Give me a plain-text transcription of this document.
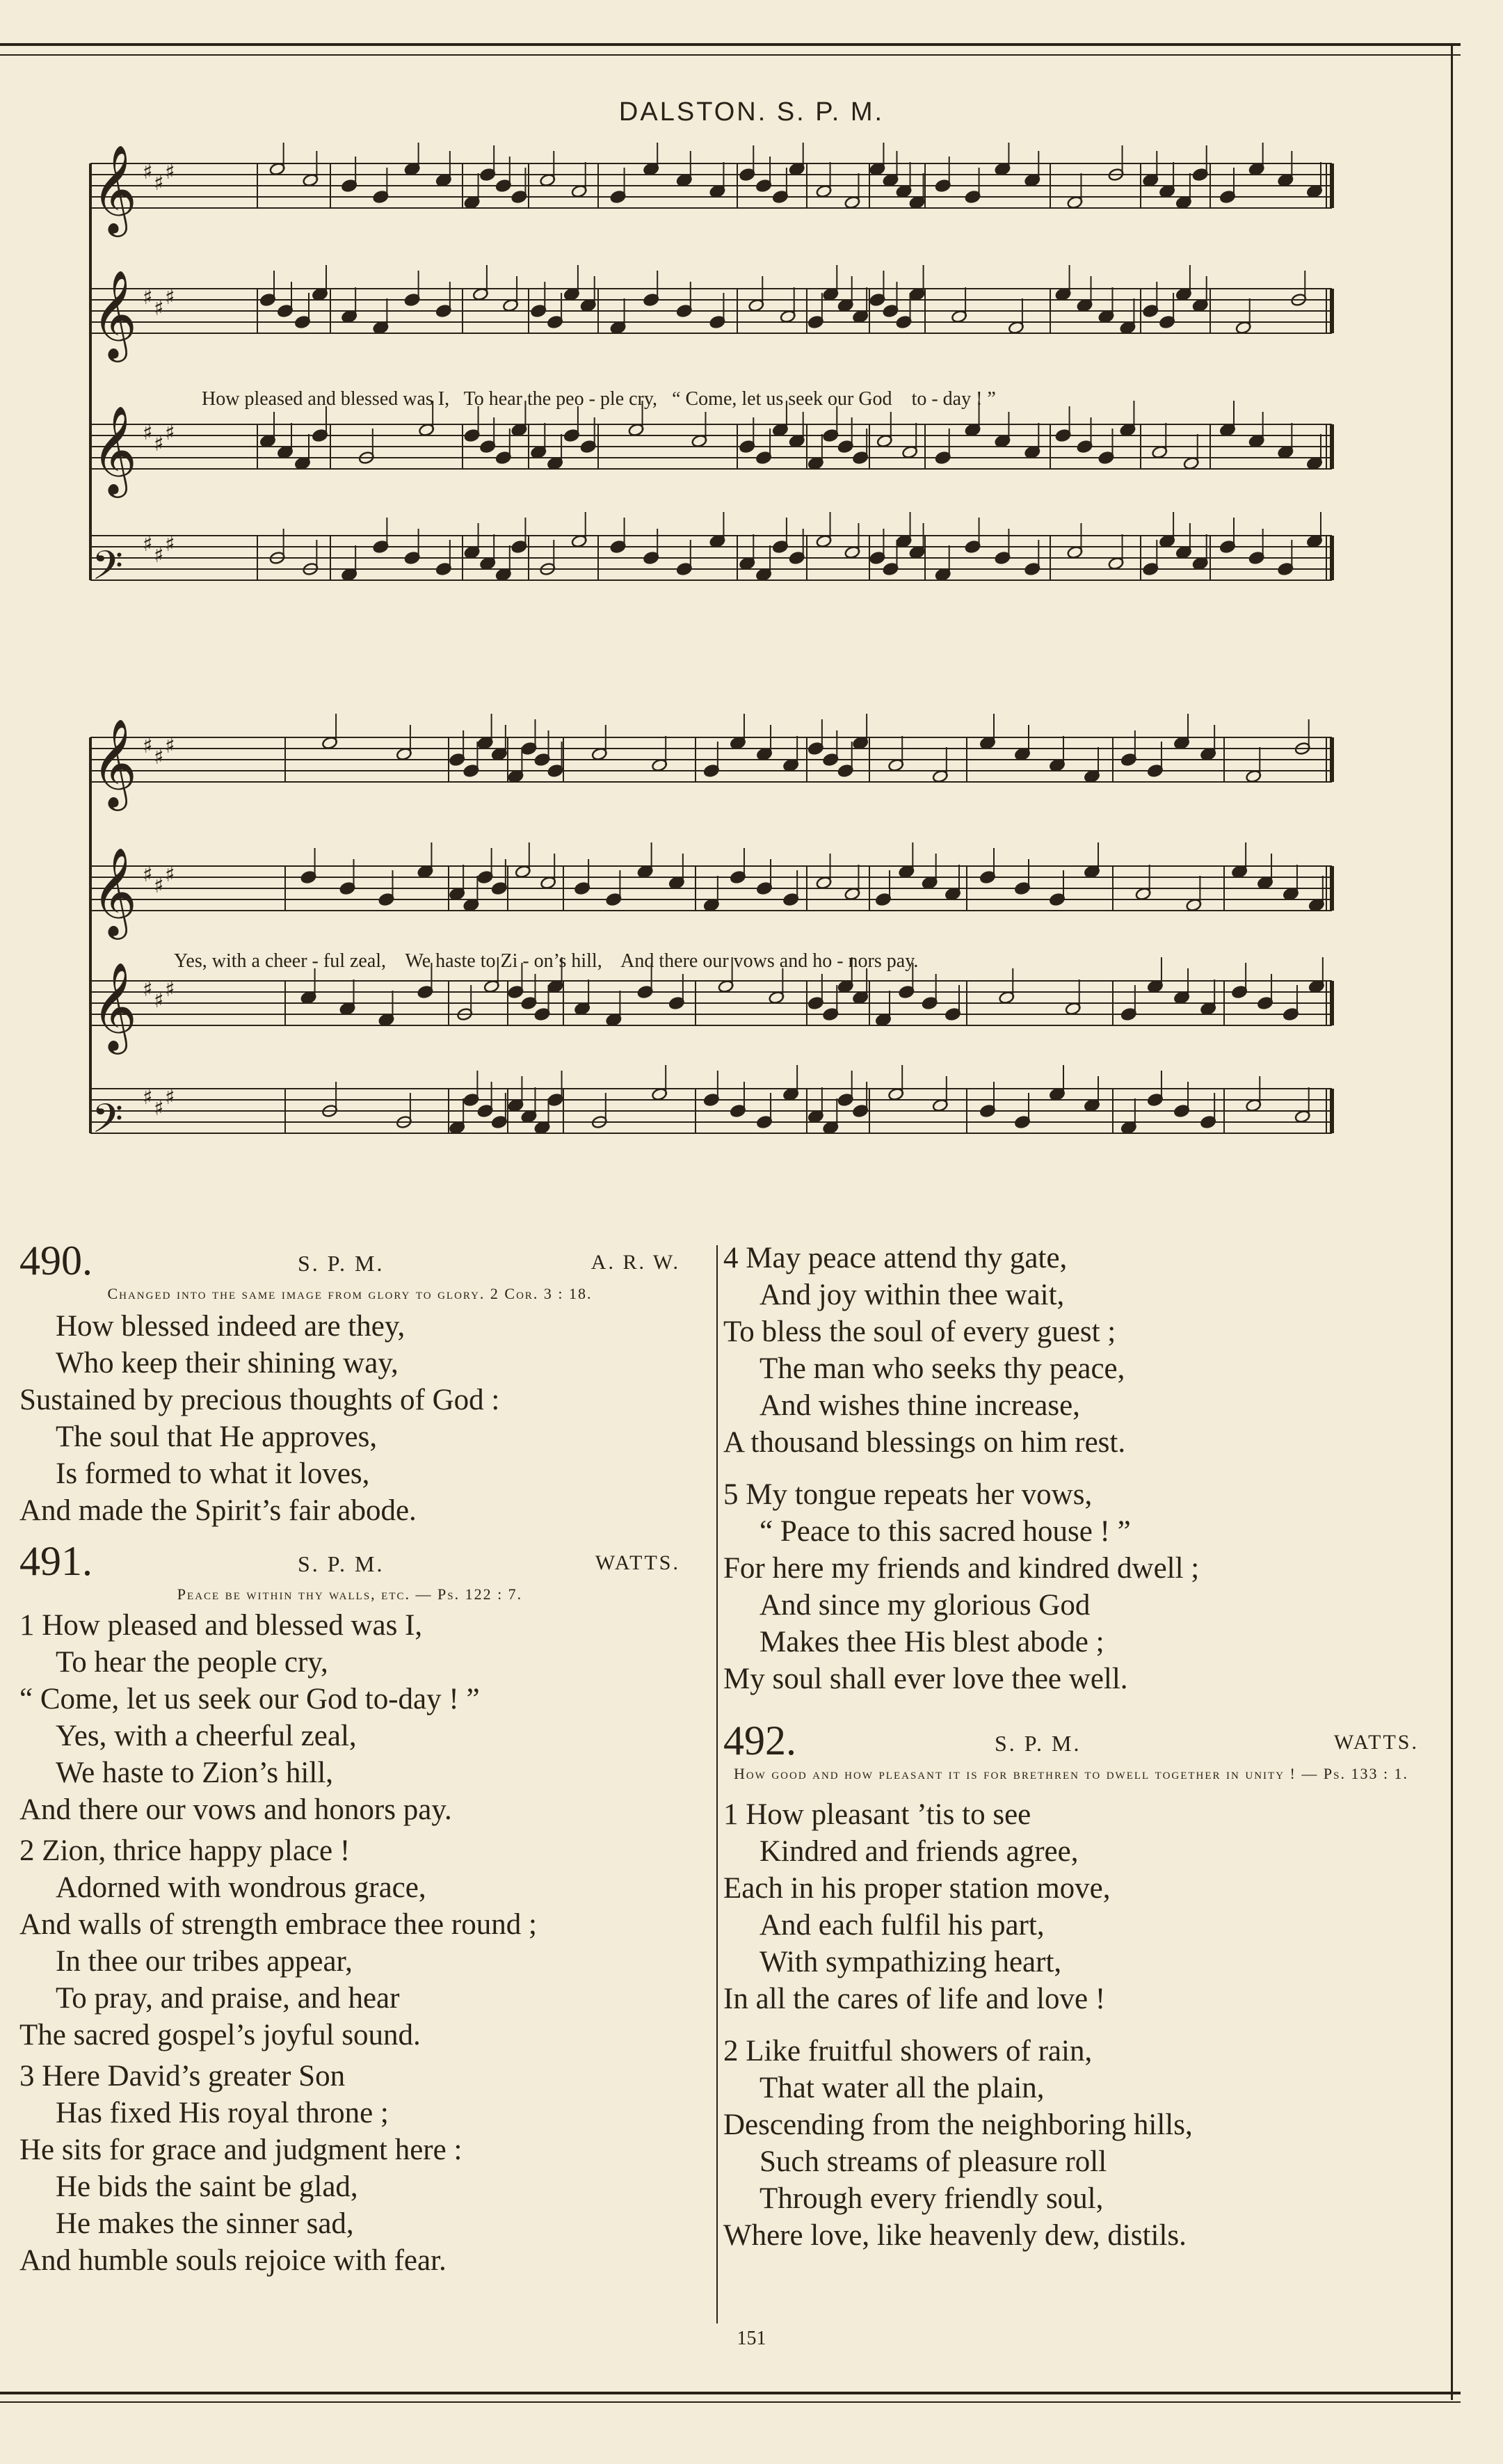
DALSTON. S. P. M.
𝄞 ♯ ♯ ♯
𝄞 ♯ ♯ ♯
𝄞 ♯ ♯ ♯
𝄢 ♯ ♯ ♯
How pleased and blessed was I, To hear the peo - ple cry, “ Come, let us seek our God to - day ! ”
𝄞 ♯ ♯ ♯
𝄞 ♯ ♯ ♯
𝄞 ♯ ♯ ♯
𝄢 ♯ ♯ ♯
Yes, with a cheer - ful zeal, We haste to Zi - on’s hill, And there our vows and ho - nors pay.
490.	S. P. M.	A. R. W.
Changed into the same image from glory to glory. 2 Cor. 3 : 18.
How blessed indeed are they,
Who keep their shining way,
Sustained by precious thoughts of God :
The soul that He approves,
Is formed to what it loves,
And made the Spirit’s fair abode.
491.	S. P. M.	WATTS.
Peace be within thy walls, etc. — Ps. 122 : 7.
1 How pleased and blessed was I,
To hear the people cry,
“ Come, let us seek our God to-day ! ”
Yes, with a cheerful zeal,
We haste to Zion’s hill,
And there our vows and honors pay.
2 Zion, thrice happy place !
Adorned with wondrous grace,
And walls of strength embrace thee round ;
In thee our tribes appear,
To pray, and praise, and hear
The sacred gospel’s joyful sound.
3 Here David’s greater Son
Has fixed His royal throne ;
He sits for grace and judgment here :
He bids the saint be glad,
He makes the sinner sad,
And humble souls rejoice with fear.
4 May peace attend thy gate,
And joy within thee wait,
To bless the soul of every guest ;
The man who seeks thy peace,
And wishes thine increase,
A thousand blessings on him rest.
5 My tongue repeats her vows,
“ Peace to this sacred house ! ”
For here my friends and kindred dwell ;
And since my glorious God
Makes thee His blest abode ;
My soul shall ever love thee well.
492.	S. P. M.	WATTS.
How good and how pleasant it is for brethren to dwell together in unity ! — Ps. 133 : 1.
1 How pleasant ’tis to see
Kindred and friends agree,
Each in his proper station move,
And each fulfil his part,
With sympathizing heart,
In all the cares of life and love !
2 Like fruitful showers of rain,
That water all the plain,
Descending from the neighboring hills,
Such streams of pleasure roll
Through every friendly soul,
Where love, like heavenly dew, distils.
151
